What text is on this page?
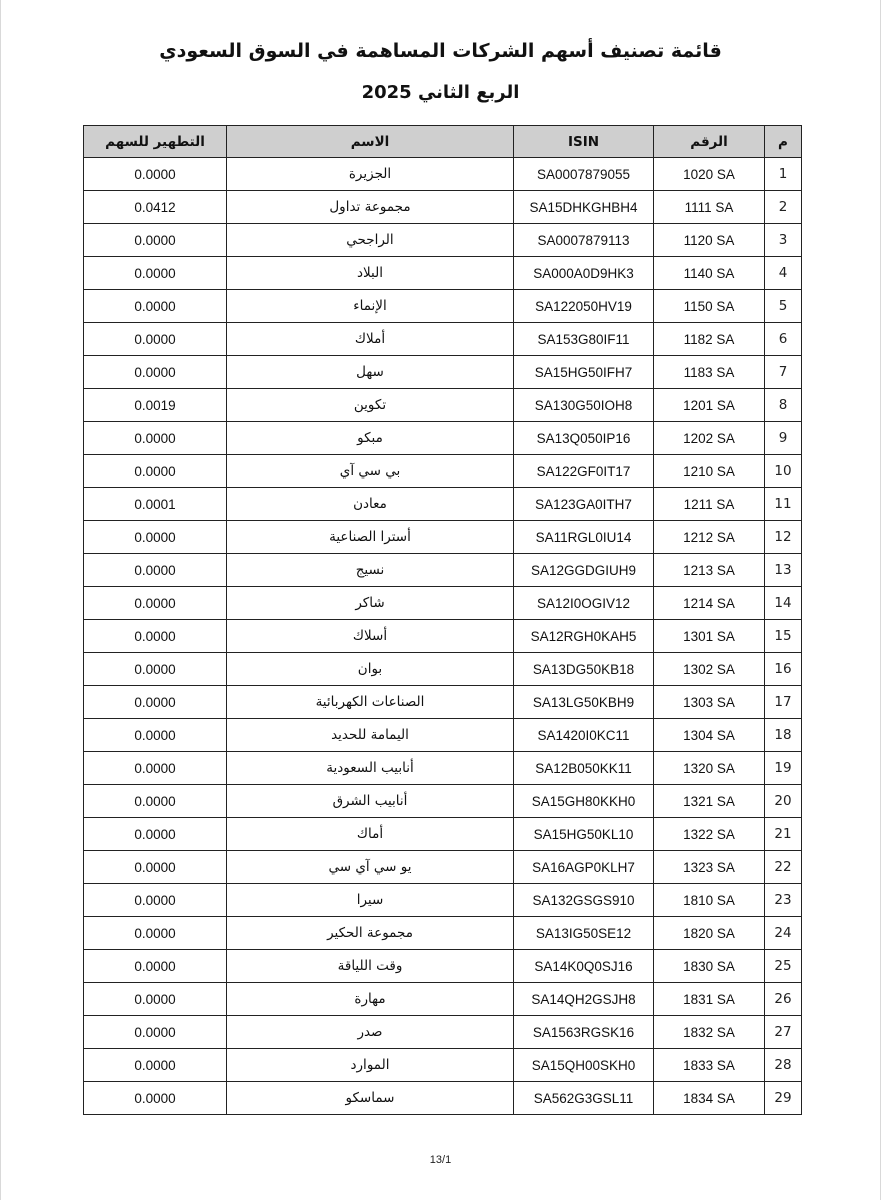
قائمة تصنيف أسهم الشركات المساهمة في السوق السعودي
الربع الثاني 2025
م	الرقم	ISIN	الاسم	التطهير للسهم
1	1020 SA	SA0007879055	الجزيرة	0.0000
2	1111 SA	SA15DHKGHBH4	مجموعة تداول	0.0412
3	1120 SA	SA0007879113	الراجحي	0.0000
4	1140 SA	SA000A0D9HK3	البلاد	0.0000
5	1150 SA	SA122050HV19	الإنماء	0.0000
6	1182 SA	SA153G80IF11	أملاك	0.0000
7	1183 SA	SA15HG50IFH7	سهل	0.0000
8	1201 SA	SA130G50IOH8	تكوين	0.0019
9	1202 SA	SA13Q050IP16	مبكو	0.0000
10	1210 SA	SA122GF0IT17	بي سي آي	0.0000
11	1211 SA	SA123GA0ITH7	معادن	0.0001
12	1212 SA	SA11RGL0IU14	أسترا الصناعية	0.0000
13	1213 SA	SA12GGDGIUH9	نسيج	0.0000
14	1214 SA	SA12I0OGIV12	شاكر	0.0000
15	1301 SA	SA12RGH0KAH5	أسلاك	0.0000
16	1302 SA	SA13DG50KB18	بوان	0.0000
17	1303 SA	SA13LG50KBH9	الصناعات الكهربائية	0.0000
18	1304 SA	SA1420I0KC11	اليمامة للحديد	0.0000
19	1320 SA	SA12B050KK11	أنابيب السعودية	0.0000
20	1321 SA	SA15GH80KKH0	أنابيب الشرق	0.0000
21	1322 SA	SA15HG50KL10	أماك	0.0000
22	1323 SA	SA16AGP0KLH7	يو سي آي سي	0.0000
23	1810 SA	SA132GSGS910	سيرا	0.0000
24	1820 SA	SA13IG50SE12	مجموعة الحكير	0.0000
25	1830 SA	SA14K0Q0SJ16	وقت اللياقة	0.0000
26	1831 SA	SA14QH2GSJH8	مهارة	0.0000
27	1832 SA	SA1563RGSK16	صدر	0.0000
28	1833 SA	SA15QH00SKH0	الموارد	0.0000
29	1834 SA	SA562G3GSL11	سماسكو	0.0000
13/1
